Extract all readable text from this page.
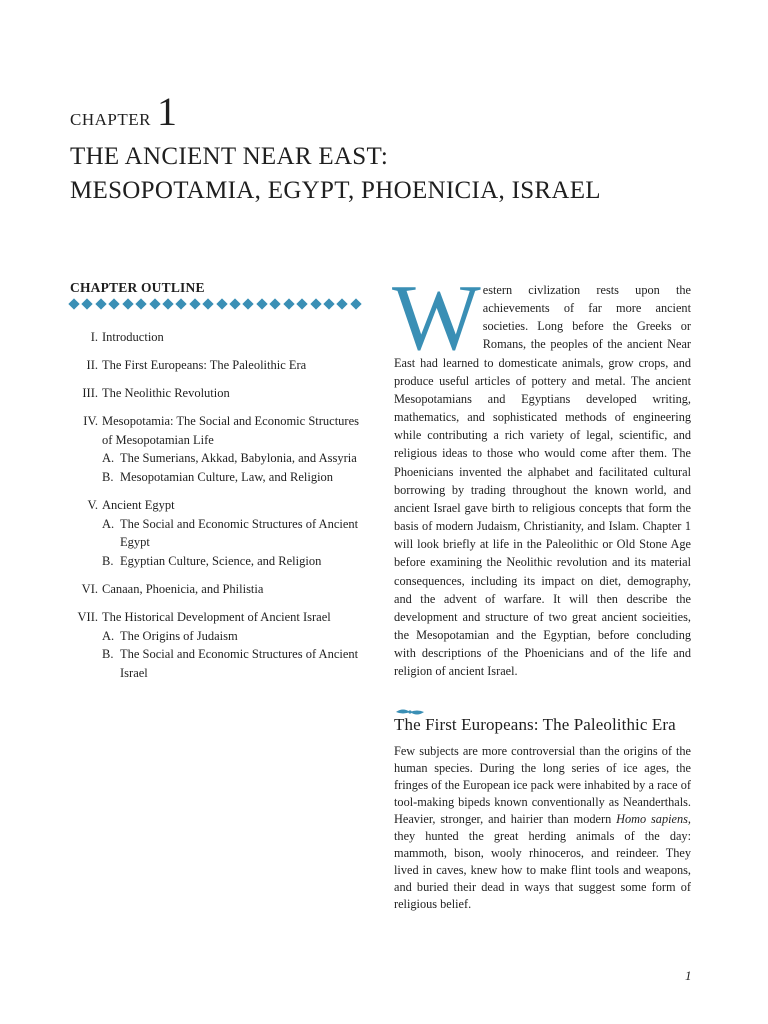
CHAPTER 1
THE ANCIENT NEAR EAST:
MESOPOTAMIA, EGYPT, PHOENICIA, ISRAEL
CHAPTER OUTLINE
I. Introduction
II. The First Europeans: The Paleolithic Era
III. The Neolithic Revolution
IV. Mesopotamia: The Social and Economic Structures of Mesopotamian Life
A. The Sumerians, Akkad, Babylonia, and Assyria
B. Mesopotamian Culture, Law, and Religion
V. Ancient Egypt
A. The Social and Economic Structures of Ancient Egypt
B. Egyptian Culture, Science, and Religion
VI. Canaan, Phoenicia, and Philistia
VII. The Historical Development of Ancient Israel
A. The Origins of Judaism
B. The Social and Economic Structures of Ancient Israel
Western civlization rests upon the achievements of far more ancient societies. Long before the Greeks or Romans, the peoples of the ancient Near East had learned to domesticate animals, grow crops, and produce useful articles of pottery and metal. The ancient Mesopotamians and Egyptians developed writing, mathematics, and sophisticated methods of engineering while contributing a rich variety of legal, scientific, and religious ideas to those who would come after them. The Phoenicians invented the alphabet and facilitated cultural borrowing by trading throughout the known world, and ancient Israel gave birth to religious concepts that form the basis of modern Judaism, Christianity, and Islam. Chapter 1 will look briefly at life in the Paleolithic or Old Stone Age before examining the Neolithic revolution and its material consequences, including its impact on diet, demography, and the advent of warfare. It will then describe the development and structure of two great ancient socieities, the Mesopotamian and the Egyptian, before concluding with descriptions of the Phoenicians and of the life and religion of ancient Israel.
The First Europeans: The Paleolithic Era
Few subjects are more controversial than the origins of the human species. During the long series of ice ages, the fringes of the European ice pack were inhabited by a race of tool-making bipeds known conventionally as Neanderthals. Heavier, stronger, and hairier than modern Homo sapiens, they hunted the great herding animals of the day: mammoth, bison, wooly rhinoceros, and reindeer. They lived in caves, knew how to make flint tools and weapons, and buried their dead in ways that suggest some form of religious belief.
1
